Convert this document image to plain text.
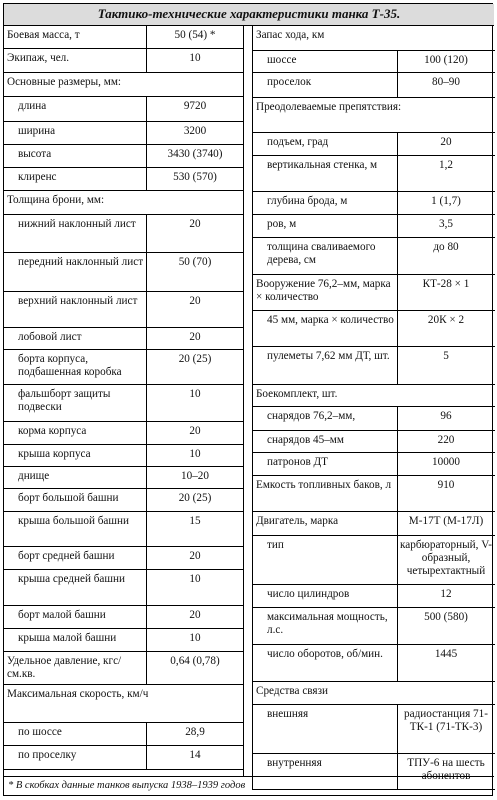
Тактико-технические характеристики танка Т-35.
Боевая масса, т	50 (54) *
Экипаж, чел.	10
Основные размеры, мм:
длина	9720
ширина	3200
высота	3430 (3740)
клиренс	530 (570)
Толщина брони, мм:
нижний наклонный лист	20
передний наклонный лист	50 (70)
верхний наклонный лист	20
лобовой лист	20
борта корпуса, подбашенная коробка
20 (25)
фальшборт защиты подвески
10
корма корпуса	20
крыша корпуса	10
днище	10–20
борт большой башни	20 (25)
крыша большой башни	15
борт средней башни	20
крыша средней башни	10
борт малой башни	20
крыша малой башни	10
Удельное давление, кгс/см.кв.
0,64 (0,78)
Максимальная скорость, км/ч
по шоссе	28,9
по проселку	14
Запас хода, км
шоссе	100 (120)
проселок	80–90
Преодолеваемые препятствия:
подъем, град	20
вертикальная стенка, м	1,2
глубина брода, м	1 (1,7)
ров, м	3,5
толщина сваливаемого дерева, см
до 80
Вооружение 76,2–мм, марка × количество
КТ-28 × 1
45 мм, марка × количество	20К × 2
пулеметы 7,62 мм ДТ, шт.	5
Боекомплект, шт.
снарядов 76,2–мм,	96
снарядов 45–мм	220
патронов ДТ	10000
Емкость топливных баков, л	910
Двигатель, марка	М-17Т (М-17Л)
тип	карбюраторный, V-образный, четырехтактный
число цилиндров	12
максимальная мощность, л.с.
500 (580)
число оборотов, об/мин.	1445
Средства связи
внешняя	радиостанция 71-ТК-1 (71-ТК-3)
внутренняя	ТПУ-6 на шесть абонентов
* В скобках данные танков выпуска 1938–1939 годов
